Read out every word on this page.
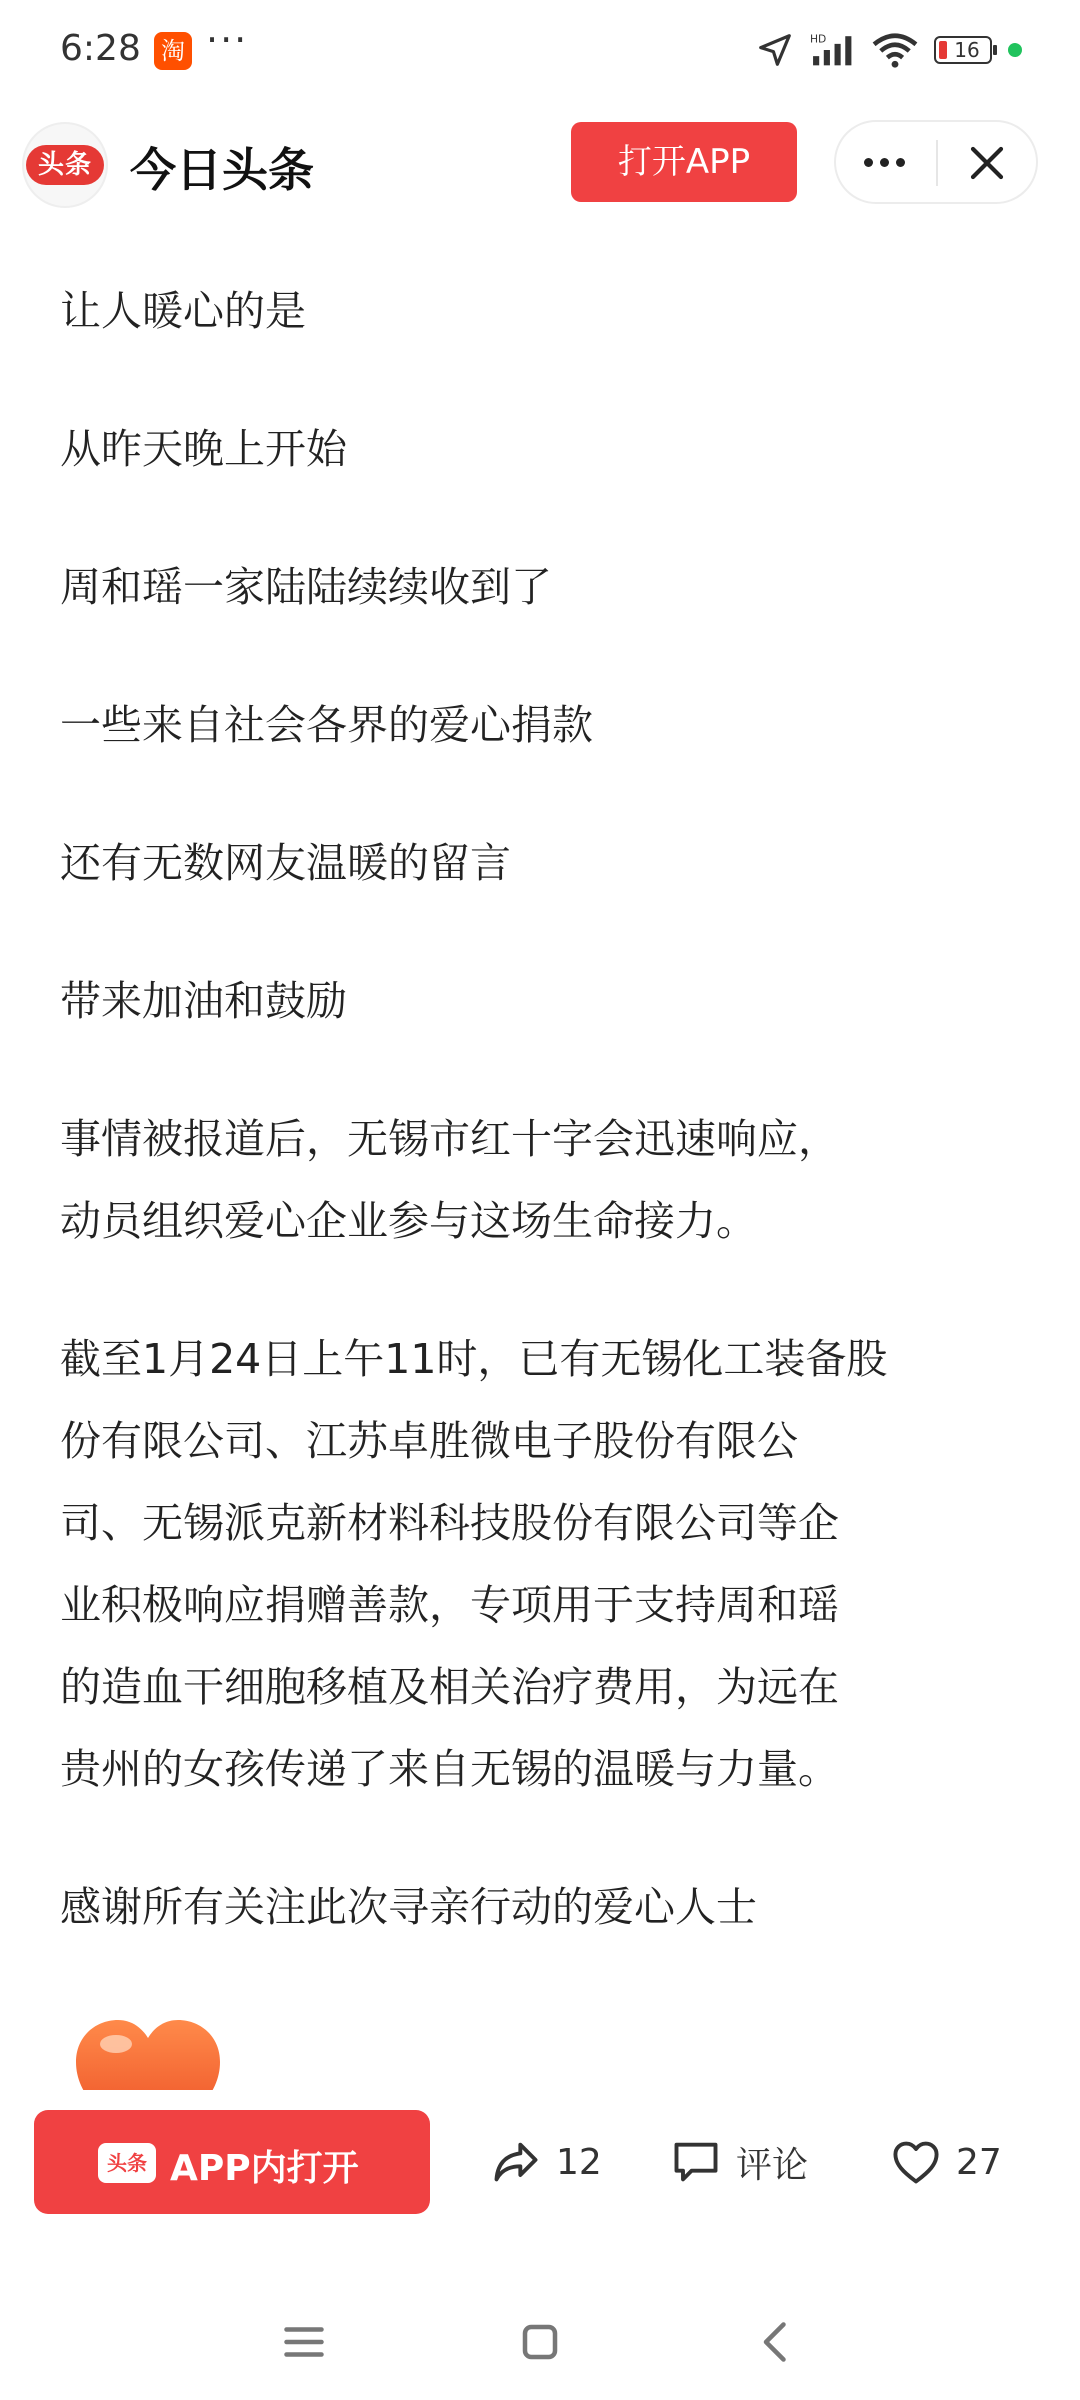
6:28 淘 ···	HD	16
头条 今日头条	打开APP

让人暖心的是

从昨天晚上开始

周和瑶一家陆陆续续收到了

一些来自社会各界的爱心捐款

还有无数网友温暖的留言

带来加油和鼓励

事情被报道后，无锡市红十字会迅速响应，
动员组织爱心企业参与这场生命接力。

截至1月24日上午11时，已有无锡化工装备股
份有限公司、江苏卓胜微电子股份有限公
司、无锡派克新材料科技股份有限公司等企
业积极响应捐赠善款，专项用于支持周和瑶
的造血干细胞移植及相关治疗费用，为远在
贵州的女孩传递了来自无锡的温暖与力量。

感谢所有关注此次寻亲行动的爱心人士

头条 APP内打开	12	评论	27
